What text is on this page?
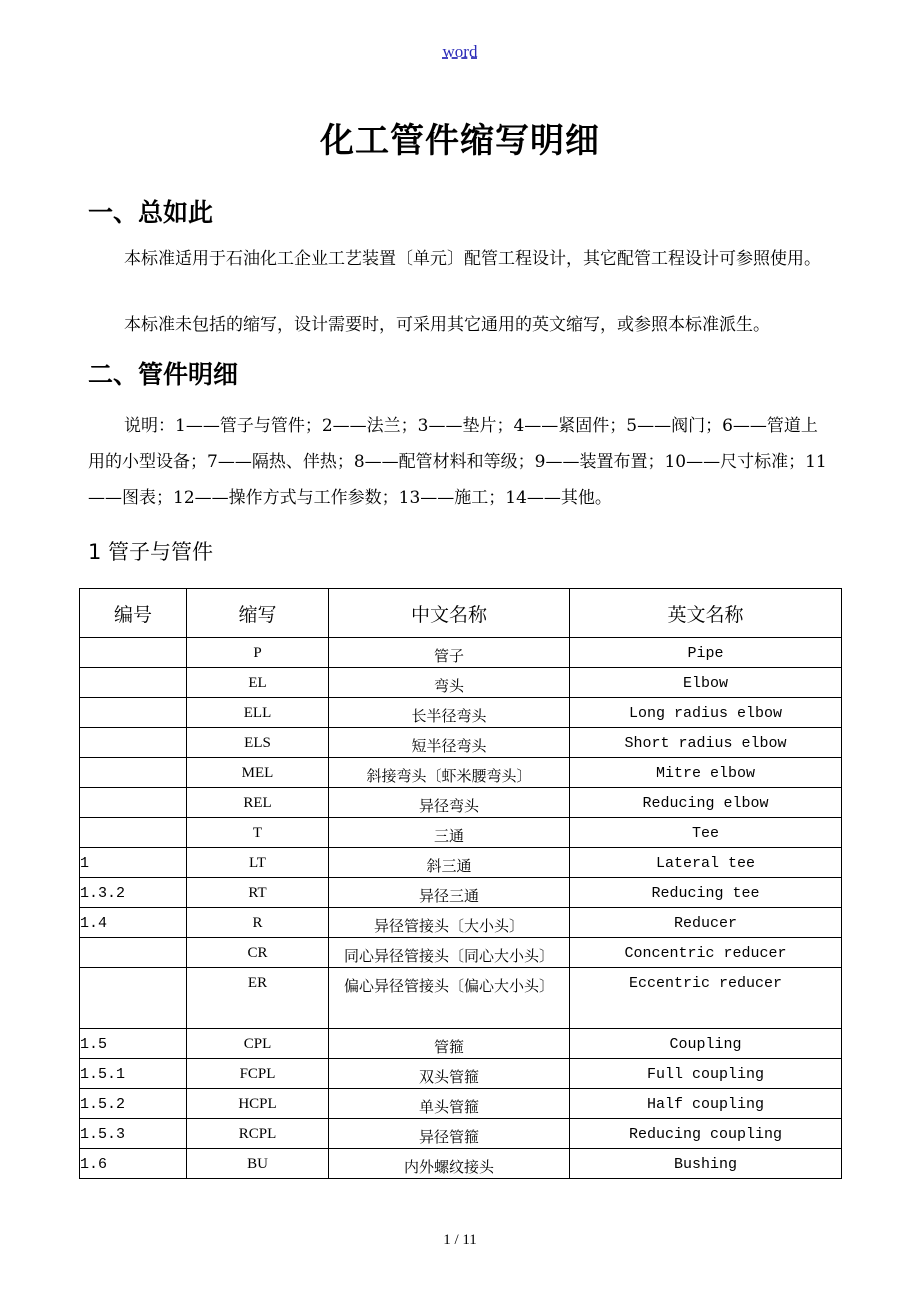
word
化工管件缩写明细
一、总如此
本标准适用于石油化工企业工艺装置〔单元〕配管工程设计，其它配管工程设计可参照使用。
本标准未包括的缩写，设计需要时，可采用其它通用的英文缩写，或参照本标准派生。
二、管件明细
说明：1——管子与管件；2——法兰；3——垫片；4——紧固件；5——阀门；6——管道上用的小型设备；7——隔热、伴热；8——配管材料和等级；9——装置布置；10——尺寸标准；11——图表；12——操作方式与工作参数；13——施工；14——其他。
1 管子与管件
编号	缩写	中文名称	英文名称
	P	管子	Pipe
	EL	弯头	Elbow
	ELL	长半径弯头	Long radius elbow
	ELS	短半径弯头	Short radius elbow
	MEL	斜接弯头〔虾米腰弯头〕	Mitre elbow
	REL	异径弯头	Reducing elbow
	T	三通	Tee
1	LT	斜三通	Lateral tee
1.3.2	RT	异径三通	Reducing tee
1.4	R	异径管接头〔大小头〕	Reducer
	CR	同心异径管接头〔同心大小头〕	Concentric reducer
	ER	偏心异径管接头〔偏心大小头〕	Eccentric reducer
1.5	CPL	管箍	Coupling
1.5.1	FCPL	双头管箍	Full coupling
1.5.2	HCPL	单头管箍	Half coupling
1.5.3	RCPL	异径管箍	Reducing coupling
1.6	BU	内外螺纹接头	Bushing
1 / 11
